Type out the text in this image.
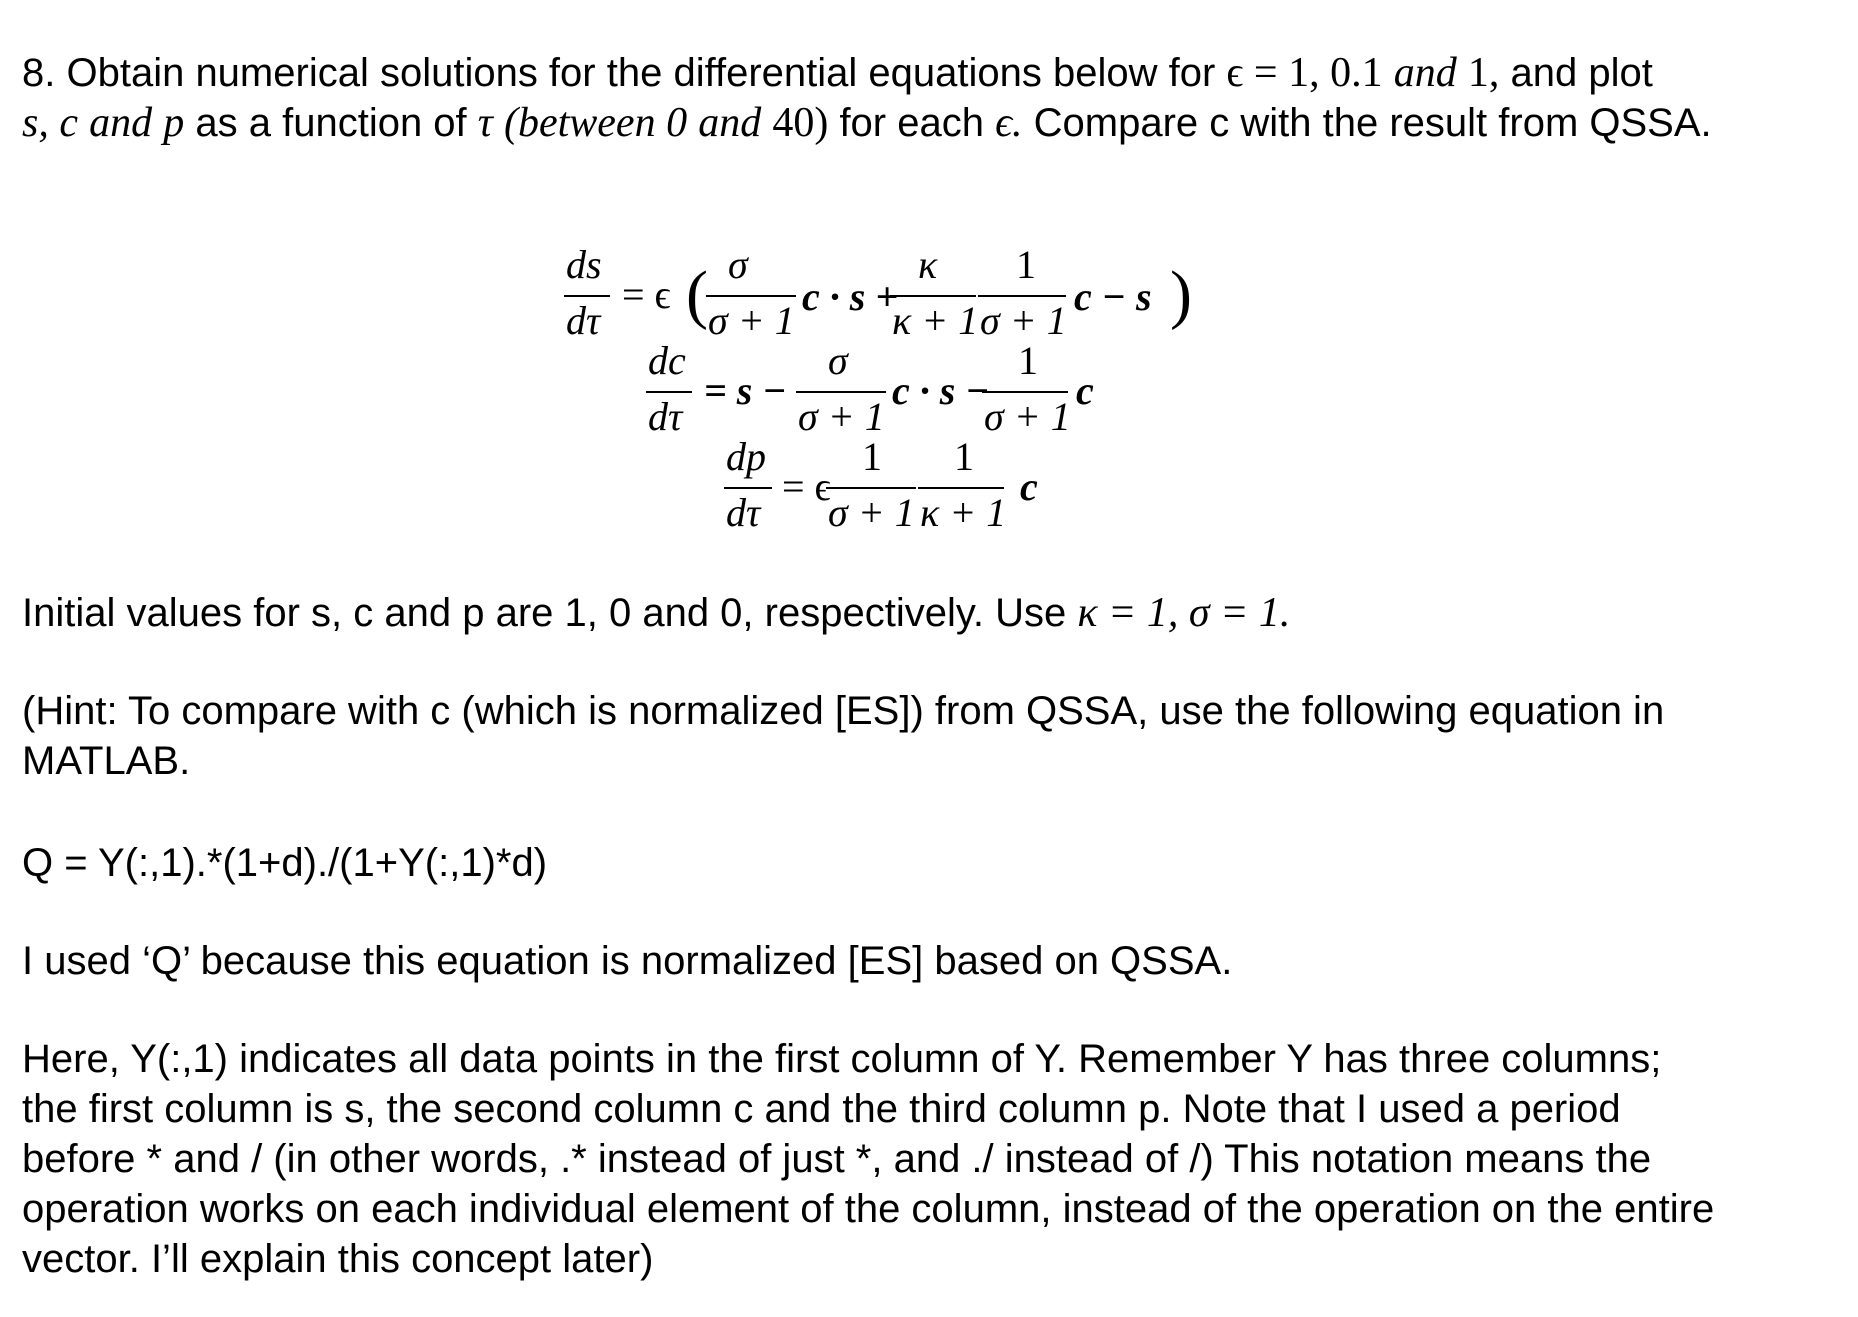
8. Obtain numerical solutions for the differential equations below for ϵ = 1, 0.1 and 1, and plot
s, c and p as a function of τ (between 0 and 40) for each ϵ. Compare c with the result from QSSA.
ds
dτ
= ϵ ( σ
σ + 1
c · s +
κ
κ + 1
1
σ + 1
c − s )
dc
dτ
= s −
σ
σ + 1
c · s −
1
σ + 1
c
dp
dτ
= ϵ
1
σ + 1
1
κ + 1
c
Initial values for s, c and p are 1, 0 and 0, respectively. Use κ = 1, σ = 1.
(Hint: To compare with c (which is normalized [ES]) from QSSA, use the following equation in
MATLAB.
Q = Y(:,1).*(1+d)./(1+Y(:,1)*d)
I used ‘Q’ because this equation is normalized [ES] based on QSSA.
Here, Y(:,1) indicates all data points in the first column of Y. Remember Y has three columns;
the first column is s, the second column c and the third column p. Note that I used a period
before * and / (in other words, .* instead of just *, and ./ instead of /) This notation means the
operation works on each individual element of the column, instead of the operation on the entire
vector. I’ll explain this concept later)
